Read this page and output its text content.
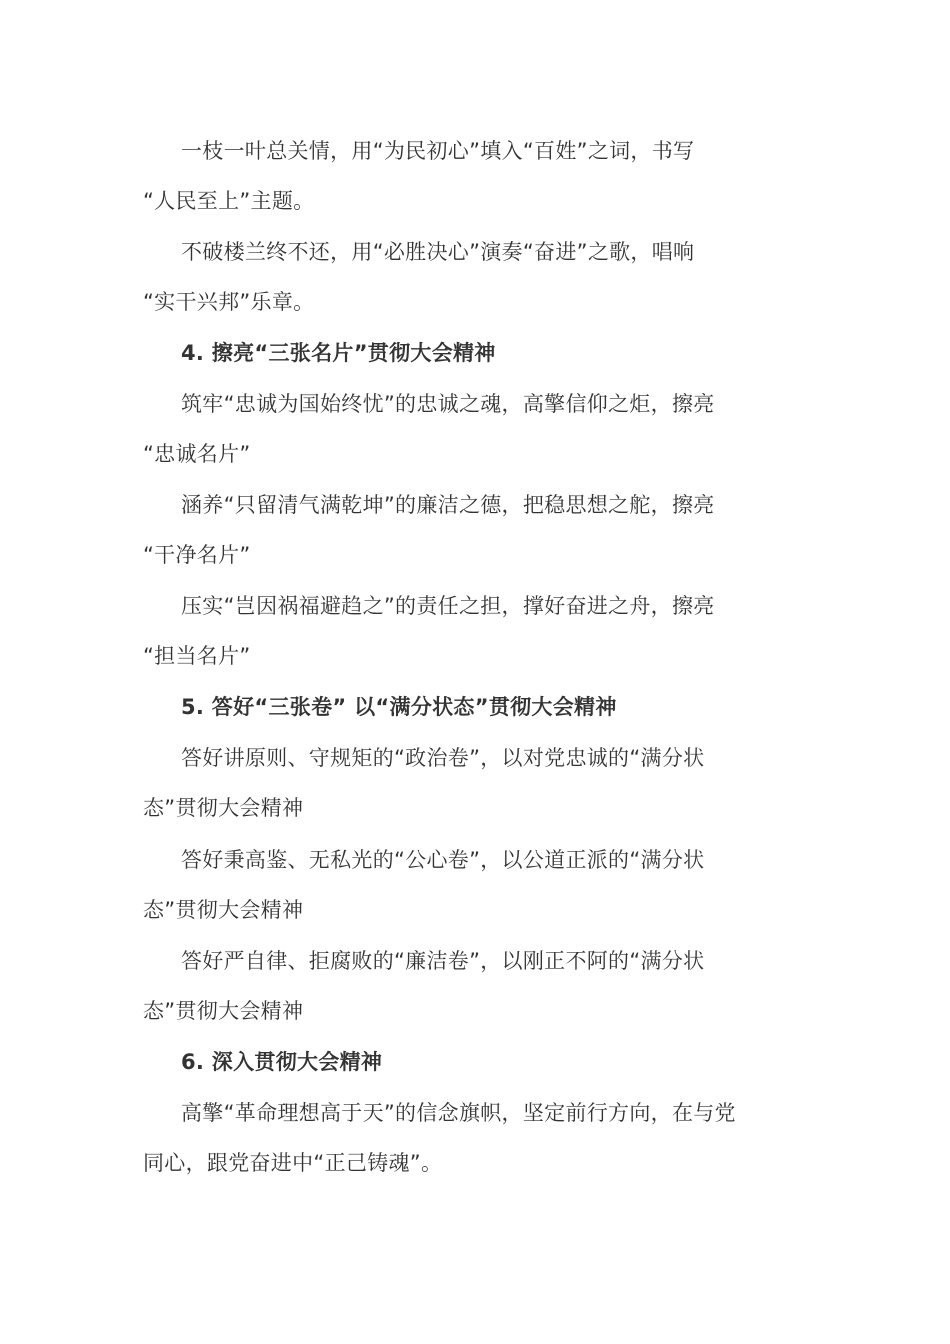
一枝一叶总关情，用“为民初心”填入“百姓”之词，书写
“人民至上”主题。
不破楼兰终不还，用“必胜决心”演奏“奋进”之歌，唱响
“实干兴邦”乐章。
4. 擦亮“三张名片”贯彻大会精神
筑牢“忠诚为国始终忧”的忠诚之魂，高擎信仰之炬，擦亮
“忠诚名片”
涵养“只留清气满乾坤”的廉洁之德，把稳思想之舵，擦亮
“干净名片”
压实“岂因祸福避趋之”的责任之担，撑好奋进之舟，擦亮
“担当名片”
5. 答好“三张卷” 以“满分状态”贯彻大会精神
答好讲原则、守规矩的“政治卷”，以对党忠诚的“满分状
态”贯彻大会精神
答好秉高鉴、无私光的“公心卷”，以公道正派的“满分状
态”贯彻大会精神
答好严自律、拒腐败的“廉洁卷”，以刚正不阿的“满分状
态”贯彻大会精神
6. 深入贯彻大会精神
高擎“革命理想高于天”的信念旗帜，坚定前行方向，在与党
同心，跟党奋进中“正己铸魂”。
